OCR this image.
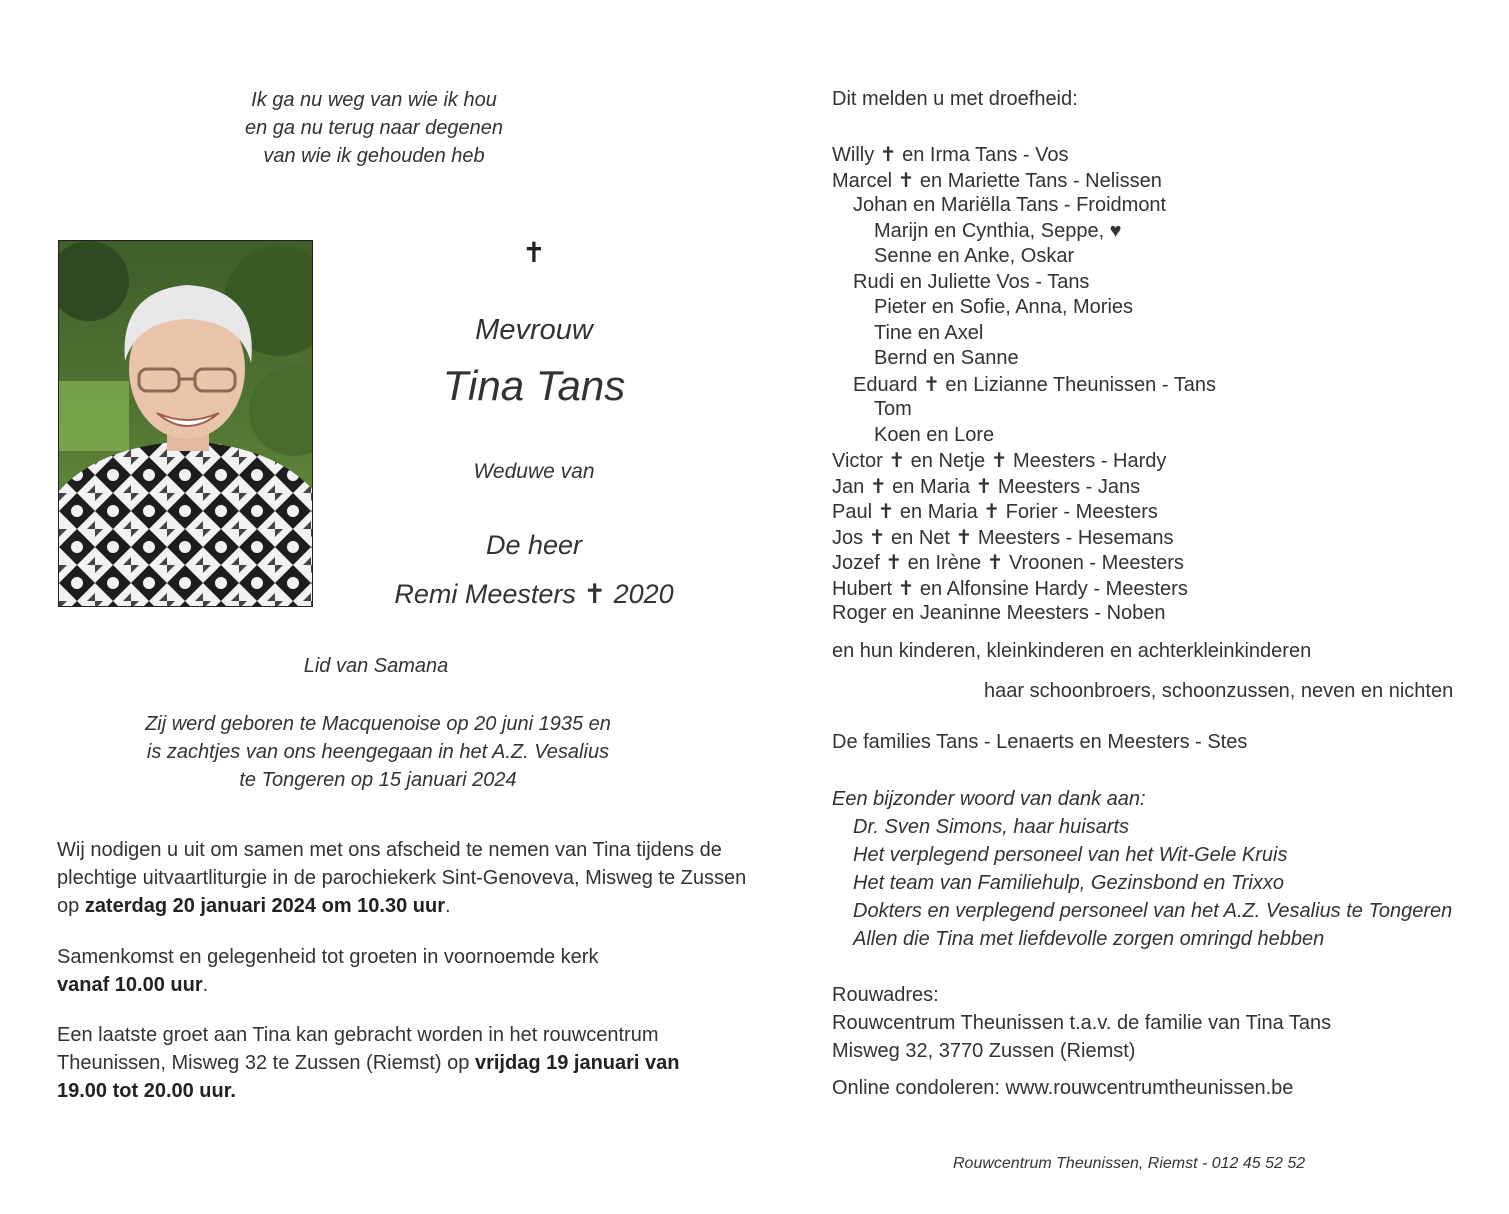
Ik ga nu weg van wie ik hou
en ga nu terug naar degenen
van wie ik gehouden heb
✝
Mevrouw
Tina Tans
Weduwe van
De heer
Remi Meesters ✝ 2020
Lid van Samana
Zij werd geboren te Macquenoise op 20 juni 1935 en
is zachtjes van ons heengegaan in het A.Z. Vesalius
te Tongeren op 15 januari 2024
Wij nodigen u uit om samen met ons afscheid te nemen van Tina tijdens de plechtige uitvaartliturgie in de parochiekerk Sint-Genoveva, Misweg te Zussen op zaterdag 20 januari 2024 om 10.30 uur.
Samenkomst en gelegenheid tot groeten in voornoemde kerk
vanaf 10.00 uur.
Een laatste groet aan Tina kan gebracht worden in het rouwcentrum Theunissen, Misweg 32 te Zussen (Riemst) op vrijdag 19 januari van 19.00 tot 20.00 uur.
Dit melden u met droefheid:
Willy ✝ en Irma Tans - Vos
Marcel ✝ en Mariette Tans - Nelissen
Johan en Mariëlla Tans - Froidmont
Marijn en Cynthia, Seppe, ♥
Senne en Anke, Oskar
Rudi en Juliette Vos - Tans
Pieter en Sofie, Anna, Mories
Tine en Axel
Bernd en Sanne
Eduard ✝ en Lizianne Theunissen - Tans
Tom
Koen en Lore
Victor ✝ en Netje ✝ Meesters - Hardy
Jan ✝ en Maria ✝ Meesters - Jans
Paul ✝ en Maria ✝ Forier - Meesters
Jos ✝ en Net ✝ Meesters - Hesemans
Jozef ✝ en Irène ✝ Vroonen - Meesters
Hubert ✝ en Alfonsine Hardy - Meesters
Roger en Jeaninne Meesters - Noben
en hun kinderen, kleinkinderen en achterkleinkinderen
haar schoonbroers, schoonzussen, neven en nichten
De families Tans - Lenaerts en Meesters - Stes
Een bijzonder woord van dank aan:
Dr. Sven Simons, haar huisarts
Het verplegend personeel van het Wit-Gele Kruis
Het team van Familiehulp, Gezinsbond en Trixxo
Dokters en verplegend personeel van het A.Z. Vesalius te Tongeren
Allen die Tina met liefdevolle zorgen omringd hebben
Rouwadres:
Rouwcentrum Theunissen t.a.v. de familie van Tina Tans
Misweg 32, 3770 Zussen (Riemst)
Online condoleren: www.rouwcentrumtheunissen.be
Rouwcentrum Theunissen, Riemst - 012 45 52 52
